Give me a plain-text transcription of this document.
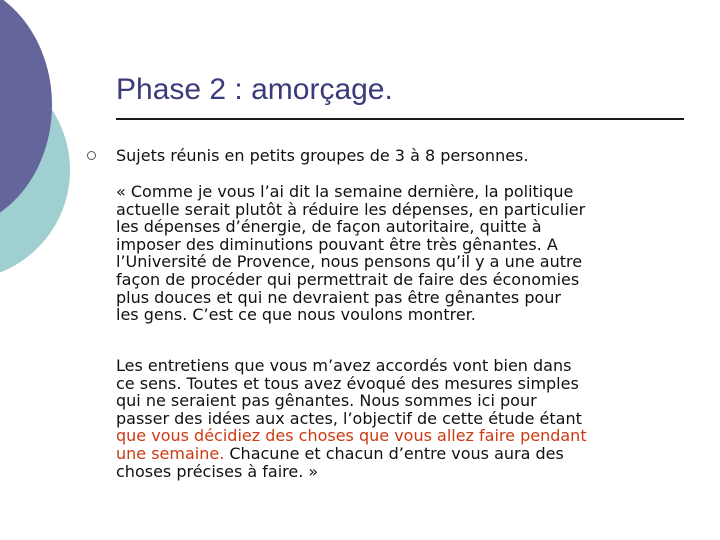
Phase 2 : amorçage.

Sujets réunis en petits groupes de 3 à 8 personnes.

« Comme je vous l’ai dit la semaine dernière, la politique
actuelle serait plutôt à réduire les dépenses, en particulier
les dépenses d’énergie, de façon autoritaire, quitte à
imposer des diminutions pouvant être très gênantes. A
l’Université de Provence, nous pensons qu’il y a une autre
façon de procéder qui permettrait de faire des économies
plus douces et qui ne devraient pas être gênantes pour
les gens. C’est ce que nous voulons montrer.

Les entretiens que vous m’avez accordés vont bien dans
ce sens. Toutes et tous avez évoqué des mesures simples
qui ne seraient pas gênantes. Nous sommes ici pour
passer des idées aux actes, l’objectif de cette étude étant
que vous décidiez des choses que vous allez faire pendant
une semaine. Chacune et chacun d’entre vous aura des
choses précises à faire. »
